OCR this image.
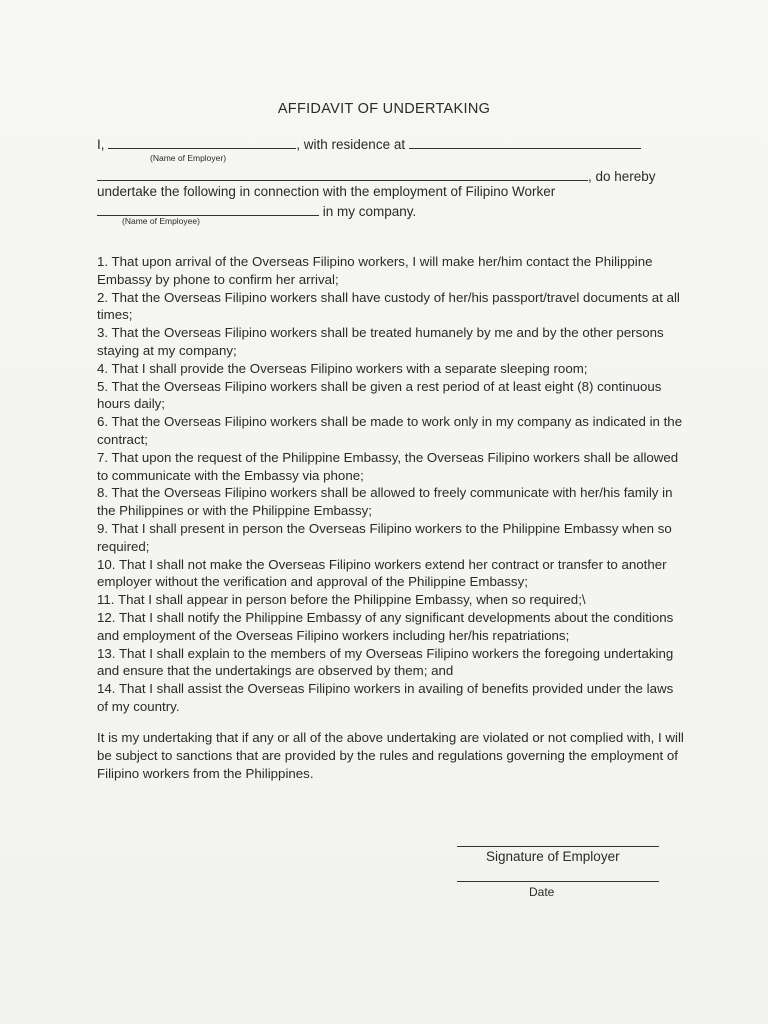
AFFIDAVIT OF UNDERTAKING
I,	, with residence at
(Name of Employer)
, do hereby
undertake the following in connection with the employment of Filipino Worker
in my company.
(Name of Employee)

1. That upon arrival of the Overseas Filipino workers, I will make her/him contact the Philippine Embassy by phone to confirm her arrival;

2. That the Overseas Filipino workers shall have custody of her/his passport/travel documents at all times;

3. That the Overseas Filipino workers shall be treated humanely by me and by the other persons staying at my company;

4. That I shall provide the Overseas Filipino workers with a separate sleeping room;

5. That the Overseas Filipino workers shall be given a rest period of at least eight (8) continuous hours daily;

6. That the Overseas Filipino workers shall be made to work only in my company as indicated in the contract;

7. That upon the request of the Philippine Embassy, the Overseas Filipino workers shall be allowed to communicate with the Embassy via phone;

8. That the Overseas Filipino workers shall be allowed to freely communicate with her/his family in the Philippines or with the Philippine Embassy;

9. That I shall present in person the Overseas Filipino workers to the Philippine Embassy when so required;

10. That I shall not make the Overseas Filipino workers extend her contract or transfer to another employer without the verification and approval of the Philippine Embassy;

11. That I shall appear in person before the Philippine Embassy, when so required;\

12. That I shall notify the Philippine Embassy of any significant developments about the conditions and employment of the Overseas Filipino workers including her/his repatriations;

13. That I shall explain to the members of my Overseas Filipino workers the foregoing undertaking and ensure that the undertakings are observed by them; and

14. That I shall assist the Overseas Filipino workers in availing of benefits provided under the laws of my country.

It is my undertaking that if any or all of the above undertaking are violated or not complied with, I will be subject to sanctions that are provided by the rules and regulations governing the employment of Filipino workers from the Philippines.
Signature of Employer
Date
